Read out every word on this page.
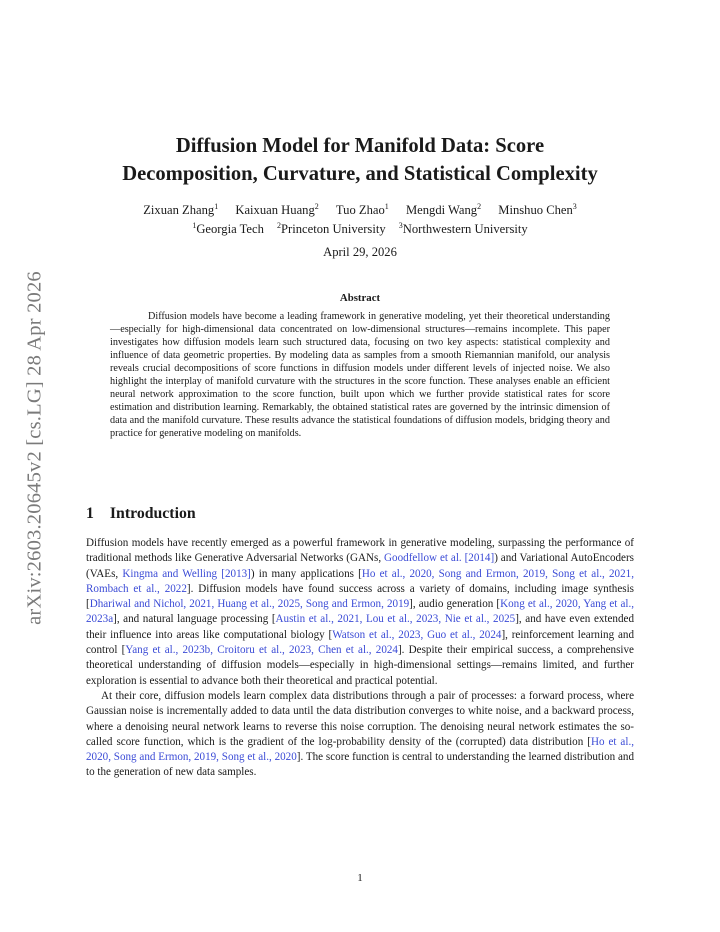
arXiv:2603.20645v2 [cs.LG] 28 Apr 2026
Diffusion Model for Manifold Data: Score
Decomposition, Curvature, and Statistical Complexity
Zixuan Zhang$^1$ Kaixuan Huang$^2$ Tuo Zhao$^1$ Mengdi Wang$^2$ Minshuo Chen$^3$
$^1$Georgia Tech $^2$Princeton University $^3$Northwestern University
April 29, 2026
Abstract

Diffusion models have become a leading framework in generative modeling, yet their theoretical understanding—especially for high-dimensional data concentrated on low-dimensional structures—remains incomplete. This paper investigates how diffusion models learn such structured data, focusing on two key aspects: statistical complexity and influence of data geometric properties. By modeling data as samples from a smooth Riemannian manifold, our analysis reveals crucial decompositions of score functions in diffusion models under different levels of injected noise. We also highlight the interplay of manifold curvature with the structures in the score function. These analyses enable an efficient neural network approximation to the score function, built upon which we further provide statistical rates for score estimation and distribution learning. Remarkably, the obtained statistical rates are governed by the intrinsic dimension of data and the manifold curvature. These results advance the statistical foundations of diffusion models, bridging theory and practice for generative modeling on manifolds.

1 Introduction

Diffusion models have recently emerged as a powerful framework in generative modeling, surpassing the performance of traditional methods like Generative Adversarial Networks (GANs, Goodfellow et al. [2014]) and Variational AutoEncoders (VAEs, Kingma and Welling [2013]) in many applications [Ho et al., 2020, Song and Ermon, 2019, Song et al., 2021, Rombach et al., 2022]. Diffusion models have found success across a variety of domains, including image synthesis [Dhariwal and Nichol, 2021, Huang et al., 2025, Song and Ermon, 2019], audio generation [Kong et al., 2020, Yang et al., 2023a], and natural language processing [Austin et al., 2021, Lou et al., 2023, Nie et al., 2025], and have even extended their influence into areas like computational biology [Watson et al., 2023, Guo et al., 2024], reinforcement learning and control [Yang et al., 2023b, Croitoru et al., 2023, Chen et al., 2024]. Despite their empirical success, a comprehensive theoretical understanding of diffusion models—especially in high-dimensional settings—remains limited, and further exploration is essential to advance both their theoretical and practical potential.

At their core, diffusion models learn complex data distributions through a pair of processes: a forward process, where Gaussian noise is incrementally added to data until the data distribution converges to white noise, and a backward process, where a denoising neural network learns to reverse this noise corruption. The denoising neural network estimates the so-called score function, which is the gradient of the log-probability density of the (corrupted) data distribution [Ho et al., 2020, Song and Ermon, 2019, Song et al., 2020]. The score function is central to understanding the learned distribution and to the generation of new data samples.

1
